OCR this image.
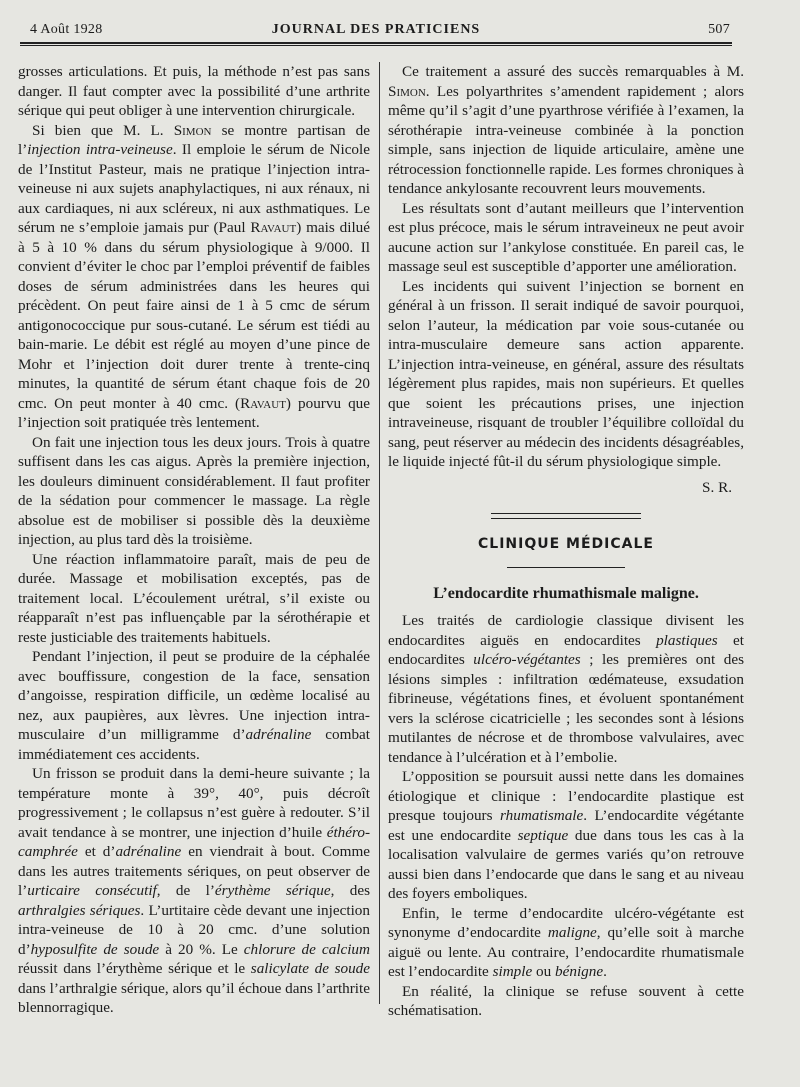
4 Août 1928	JOURNAL DES PRATICIENS	507

grosses articulations. Et puis, la méthode n’est pas sans danger. Il faut compter avec la possibilité d’une arthrite sérique qui peut obliger à une intervention chirurgicale.

Si bien que M. L. Simon se montre partisan de l’injection intra-veineuse. Il emploie le sérum de Nicole de l’Institut Pasteur, mais ne pratique l’injection intra-veineuse ni aux sujets anaphylactiques, ni aux rénaux, ni aux cardiaques, ni aux scléreux, ni aux asthmatiques. Le sérum ne s’emploie jamais pur (Paul Ravaut) mais dilué à 5 à 10 % dans du sérum physiologique à 9/000. Il convient d’éviter le choc par l’emploi préventif de faibles doses de sérum administrées dans les heures qui précèdent. On peut faire ainsi de 1 à 5 cmc de sérum antigonococcique pur sous-cutané. Le sérum est tiédi au bain-marie. Le débit est réglé au moyen d’une pince de Mohr et l’injection doit durer trente à trente-cinq minutes, la quantité de sérum étant chaque fois de 20 cmc. On peut monter à 40 cmc. (Ravaut) pourvu que l’injection soit pratiquée très lentement.

On fait une injection tous les deux jours. Trois à quatre suffisent dans les cas aigus. Après la première injection, les douleurs diminuent considérablement. Il faut profiter de la sédation pour commencer le massage. La règle absolue est de mobiliser si possible dès la deuxième injection, au plus tard dès la troisième.

Une réaction inflammatoire paraît, mais de peu de durée. Massage et mobilisation exceptés, pas de traitement local. L’écoulement urétral, s’il existe ou réapparaît n’est pas influençable par la sérothérapie et reste justiciable des traitements habituels.

Pendant l’injection, il peut se produire de la céphalée avec bouffissure, congestion de la face, sensation d’angoisse, respiration difficile, un œdème localisé au nez, aux paupières, aux lèvres. Une injection intra-musculaire d’un milligramme d’adrénaline combat immédiatement ces accidents.

Un frisson se produit dans la demi-heure suivante ; la température monte à 39°, 40°, puis décroît progressivement ; le collapsus n’est guère à redouter. S’il avait tendance à se montrer, une injection d’huile éthéro-camphrée et d’adrénaline en viendrait à bout. Comme dans les autres traitements sériques, on peut observer de l’urticaire consécutif, de l’érythème sérique, des arthralgies sériques. L’urtitaire cède devant une injection intra-veineuse de 10 à 20 cmc. d’une solution d’hyposulfite de soude à 20 %. Le chlorure de calcium réussit dans l’érythème sérique et le salicylate de soude dans l’arthralgie sérique, alors qu’il échoue dans l’arthrite blennorragique.

Ce traitement a assuré des succès remarquables à M. Simon. Les polyarthrites s’amendent rapidement ; alors même qu’il s’agit d’une pyarthrose vérifiée à l’examen, la sérothérapie intra-veineuse combinée à la ponction simple, sans injection de liquide articulaire, amène une rétrocession fonctionnelle rapide. Les formes chroniques à tendance ankylosante recouvrent leurs mouvements.

Les résultats sont d’autant meilleurs que l’intervention est plus précoce, mais le sérum intraveineux ne peut avoir aucune action sur l’ankylose constituée. En pareil cas, le massage seul est susceptible d’apporter une amélioration.

Les incidents qui suivent l’injection se bornent en général à un frisson. Il serait indiqué de savoir pourquoi, selon l’auteur, la médication par voie sous-cutanée ou intra-musculaire demeure sans action apparente. L’injection intra-veineuse, en général, assure des résultats légèrement plus rapides, mais non supérieurs. Et quelles que soient les précautions prises, une injection intraveineuse, risquant de troubler l’équilibre colloïdal du sang, peut réserver au médecin des incidents désagréables, le liquide injecté fût-il du sérum physiologique simple.

S. R.
CLINIQUE MÉDICALE
L’endocardite rhumathismale maligne.

Les traités de cardiologie classique divisent les endocardites aiguës en endocardites plastiques et endocardites ulcéro-végétantes ; les premières ont des lésions simples : infiltration œdémateuse, exsudation fibrineuse, végétations fines, et évoluent spontanément vers la sclérose cicatricielle ; les secondes sont à lésions mutilantes de nécrose et de thrombose valvulaires, avec tendance à l’ulcération et à l’embolie.

L’opposition se poursuit aussi nette dans les domaines étiologique et clinique : l’endocardite plastique est presque toujours rhumatismale. L’endocardite végétante est une endocardite septique due dans tous les cas à la localisation valvulaire de germes variés qu’on retrouve aussi bien dans l’endocarde que dans le sang et au niveau des foyers emboliques.

Enfin, le terme d’endocardite ulcéro-végétante est synonyme d’endocardite maligne, qu’elle soit à marche aiguë ou lente. Au contraire, l’endocardite rhumatismale est l’endocardite simple ou bénigne.

En réalité, la clinique se refuse souvent à cette schématisation.
